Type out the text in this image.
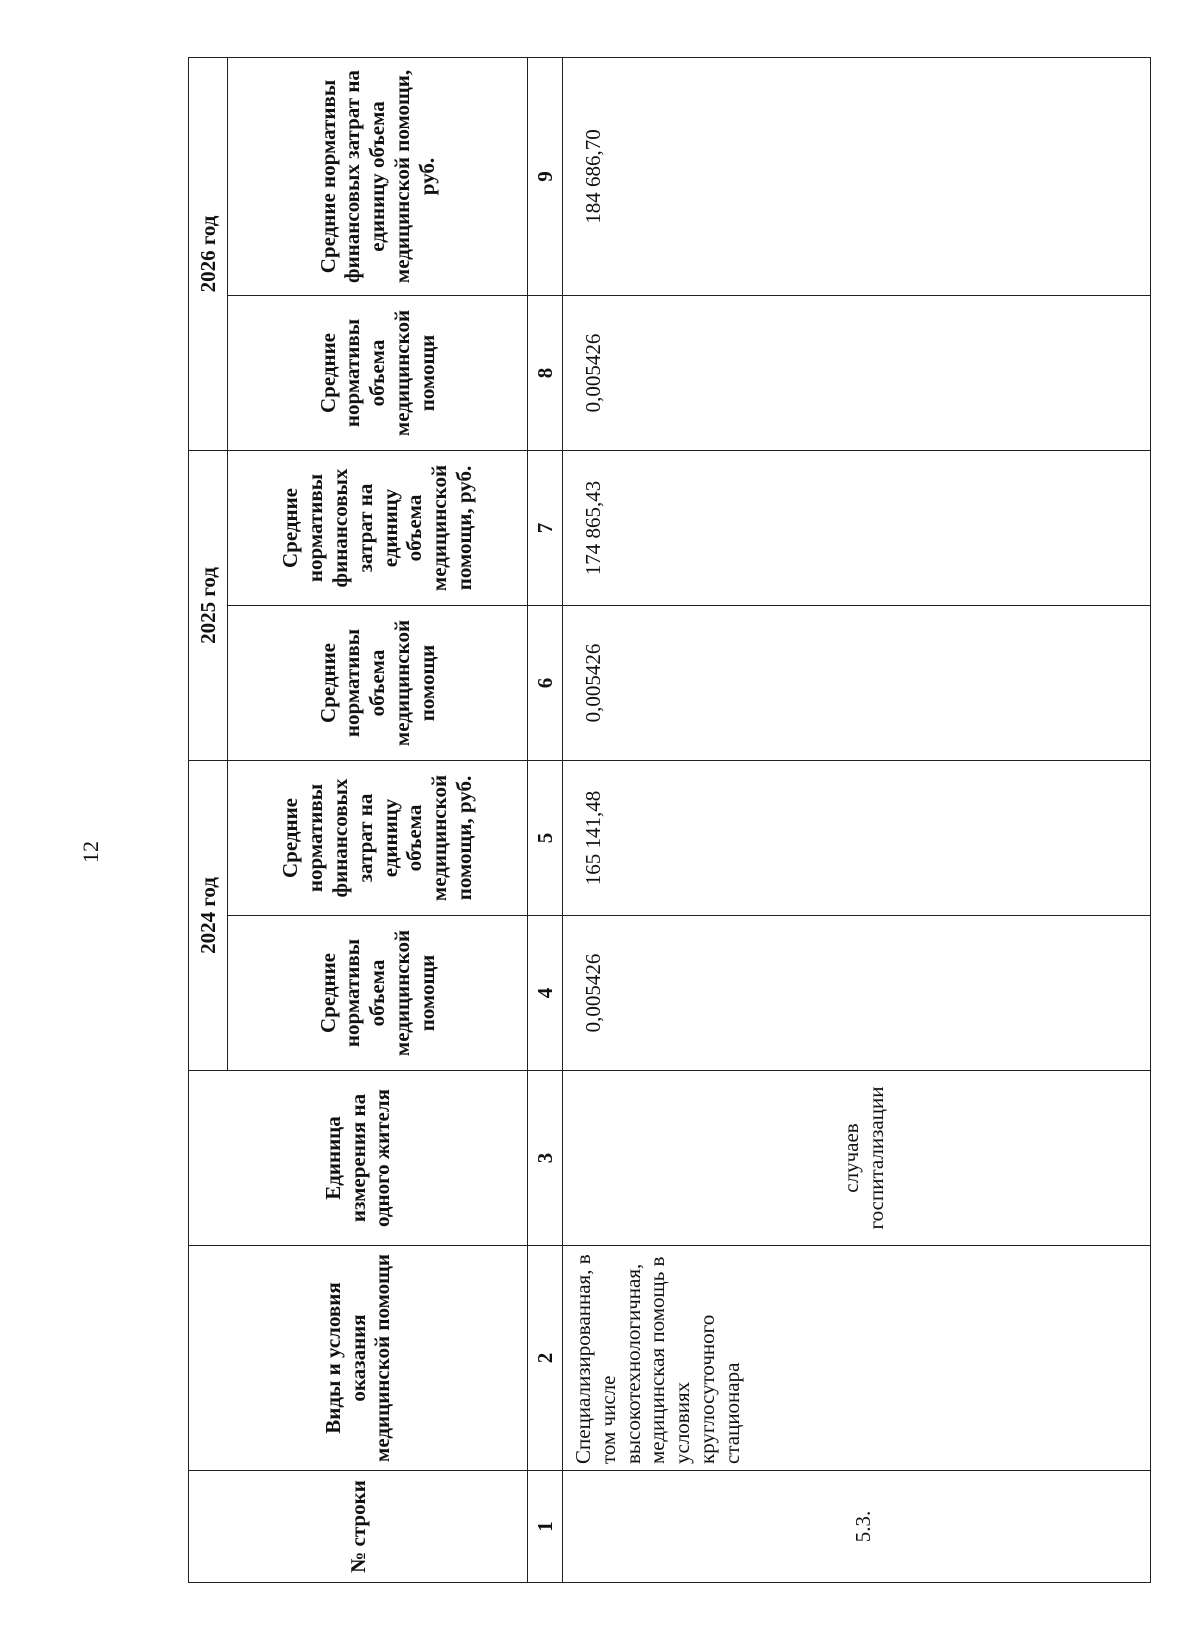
12
№ строки	Виды и условия оказания медицинской помощи	Единица измерения на одного жителя	2024 год		2025 год		2026 год	
			Средние нормативы объема медицинской помощи	Средние нормативы финансовых затрат на единицу объема медицинской помощи, руб.	Средние нормативы объема медицинской помощи	Средние нормативы финансовых затрат на единицу объема медицинской помощи, руб.	Средние нормативы объема медицинской помощи	Средние нормативы финансовых затрат на единицу объема медицинской помощи, руб.
1	2	3	4	5	6	7	8	9
5.3.	Специализированная, в том числе высокотехнологичная, медицинская помощь в условиях круглосуточного стационара	случаев госпитализации	0,005426	165 141,48	0,005426	174 865,43	0,005426	184 686,70
